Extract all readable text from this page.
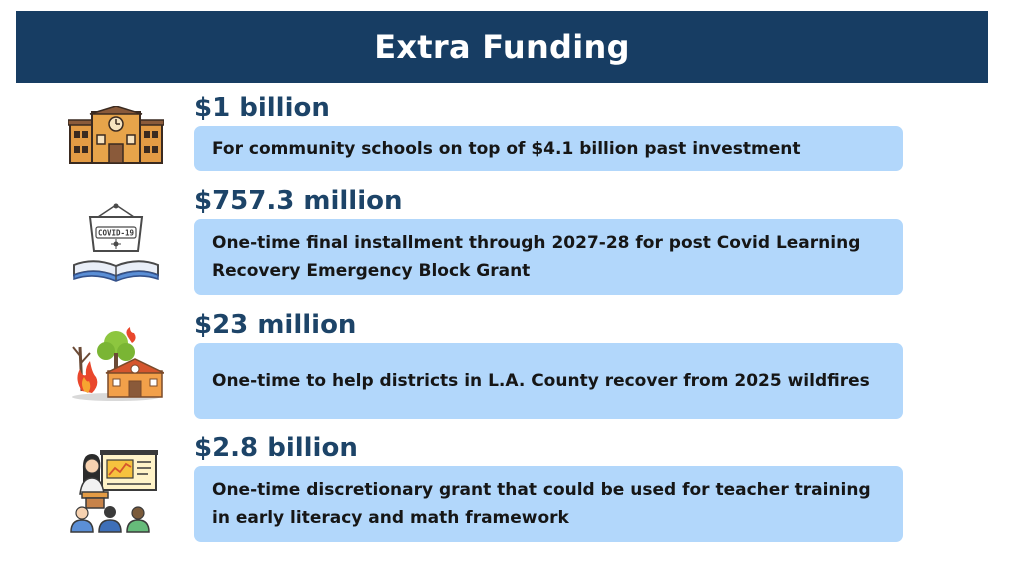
Extra Funding
$1 billion
For community schools on top of $4.1 billion past investment
COVID-19
$757.3 million
One-time final installment through 2027-28 for post Covid Learning Recovery Emergency Block Grant
$23 million
One-time to help districts in L.A. County recover from 2025 wildfires
$2.8 billion
One-time discretionary grant that could be used for teacher training in early literacy and math framework
